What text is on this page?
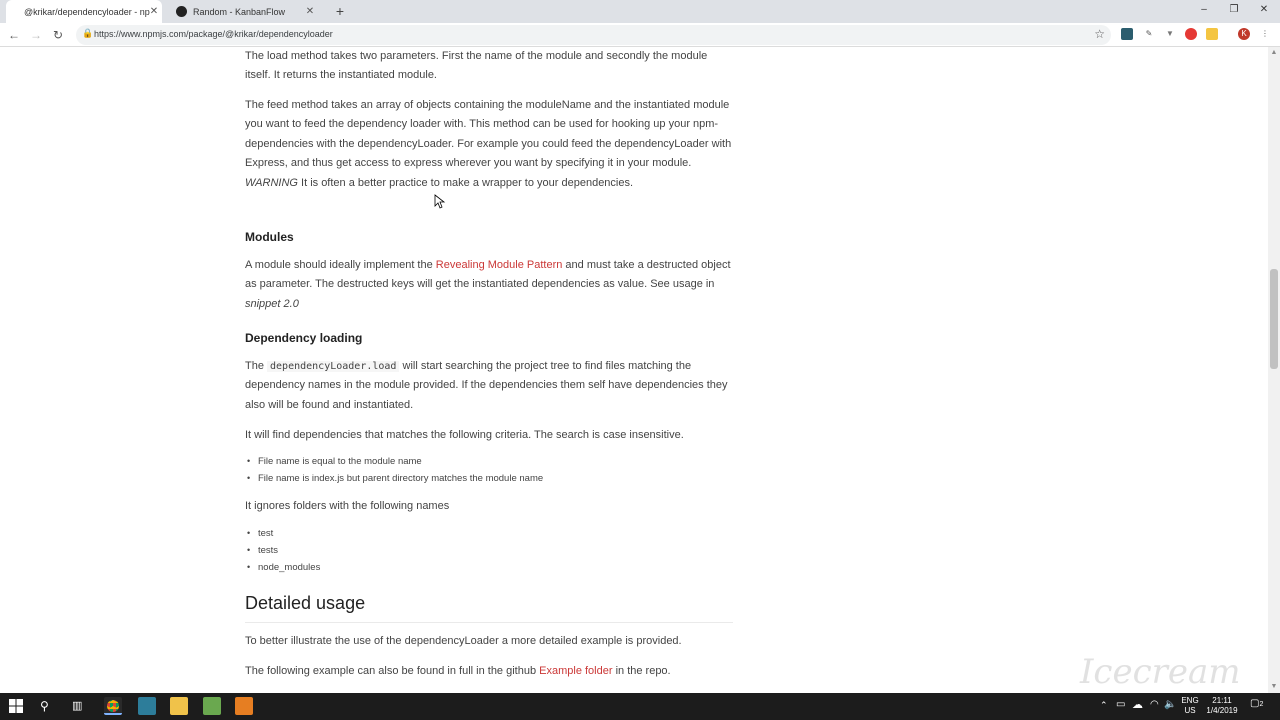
@krikar/dependencyloader - np ✕	Random - KanbanFlow	✕ +	–	❐	✕
← → ↻	🔒 https://www.npmjs.com/package/@krikar/dependencyloader	☆	✎	▼	K	⋮
The load method takes two parameters. First the name of the module and secondly the module itself. It returns the instantiated module.
The feed method takes an array of objects containing the moduleName and the instantiated module you want to feed the dependency loader with. This method can be used for hooking up your npm-dependencies with the dependencyLoader. For example you could feed the dependencyLoader with Express, and thus get access to express wherever you want by specifying it in your module. WARNING It is often a better practice to make a wrapper to your dependencies.
Modules
A module should ideally implement the Revealing Module Pattern and must take a destructed object as parameter. The destructed keys will get the instantiated dependencies as value. See usage in snippet 2.0
Dependency loading
The dependencyLoader.load will start searching the project tree to find files matching the dependency names in the module provided. If the dependencies them self have dependencies they also will be found and instantiated.
It will find dependencies that matches the following criteria. The search is case insensitive.
• File name is equal to the module name
• File name is index.js but parent directory matches the module name
It ignores folders with the following names
• test
• tests
• node_modules
Detailed usage
To better illustrate the use of the dependencyLoader a more detailed example is provided.
The following example can also be found in full in the github Example folder in the repo.
▲
▼
Icecream
⚲ ▥	⌃ ▭ ☁ ◠ 🔈 ENG
US
21:11
1/4/2019
▢2
